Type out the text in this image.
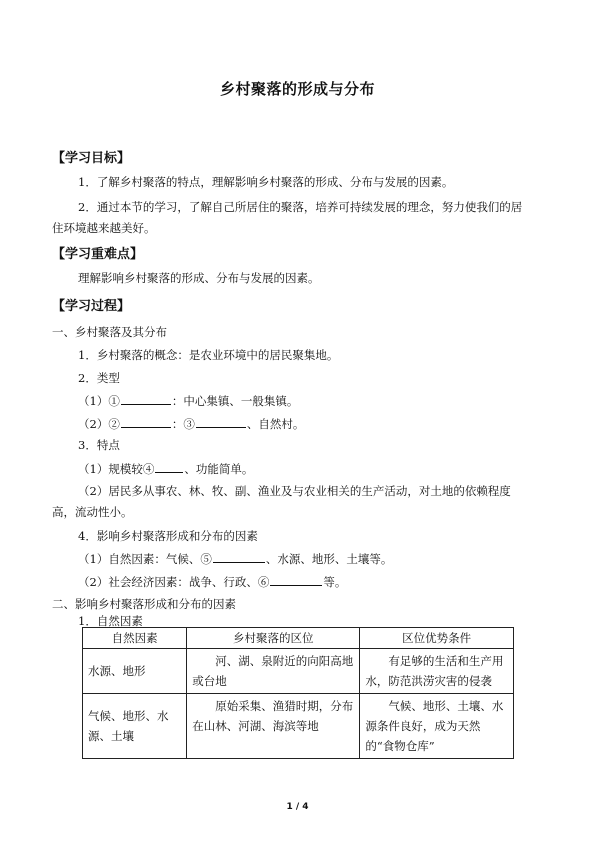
乡村聚落的形成与分布
【学习目标】
1．了解乡村聚落的特点，理解影响乡村聚落的形成、分布与发展的因素。
2．通过本节的学习，了解自己所居住的聚落，培养可持续发展的理念，努力使我们的居
住环境越来越美好。
【学习重难点】
理解影响乡村聚落的形成、分布与发展的因素。
【学习过程】
一、乡村聚落及其分布
1．乡村聚落的概念：是农业环境中的居民聚集地。
2．类型
（1）①	：中心集镇、一般集镇。
（2）②	：③	、自然村。
3．特点
（1）规模较④	、功能简单。
（2）居民多从事农、林、牧、副、渔业及与农业相关的生产活动，对土地的依赖程度
高，流动性小。
4．影响乡村聚落形成和分布的因素
（1）自然因素：气候、⑤	、水源、地形、土壤等。
（2）社会经济因素：战争、行政、⑥	等。
二、影响乡村聚落形成和分布的因素
1．自然因素
自然因素	乡村聚落的区位	区位优势条件
水源、地形	河、湖、泉附近的向阳高地或台地	有足够的生活和生产用水，防范洪涝灾害的侵袭
气候、地形、水源、土壤	原始采集、渔猎时期，分布在山林、河湖、海滨等地	气候、地形、土壤、水源条件良好，成为天然的“食物仓库”
1 / 4
